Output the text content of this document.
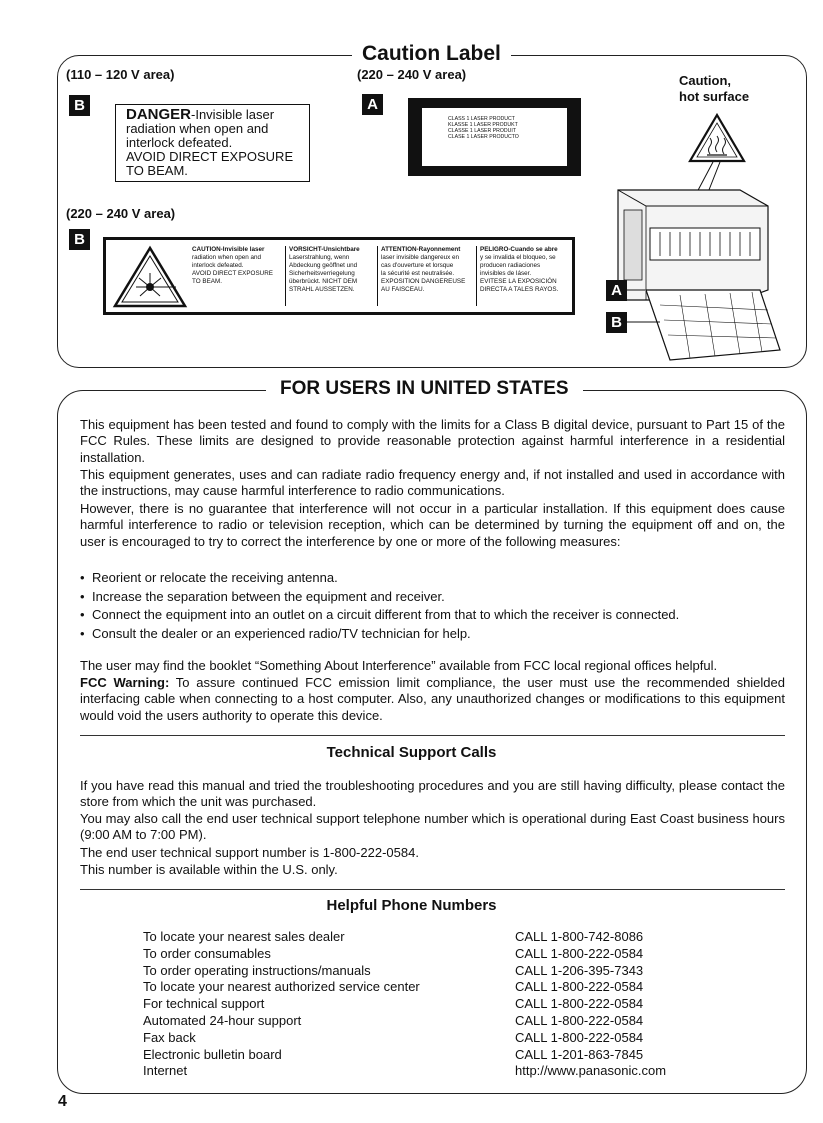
Caution Label
(110 – 120 V area)	(220 – 240 V area)
B
DANGER-Invisible laser
radiation when open and
interlock defeated.
AVOID DIRECT EXPOSURE
TO BEAM.
A
CLASS 1 LASER PRODUCT
KLASSE 1 LASER PRODUKT
CLASSE 1 LASER PRODUIT
CLASE 1 LASER PRODUCTO
(220 – 240 V area)
B
CAUTION-Invisible laser
radiation when open and
interlock defeated.
AVOID DIRECT EXPOSURE
TO BEAM.
VORSICHT-Unsichtbare
Laserstrahlung, wenn
Abdeckung geöffnet und
Sicherheitsverriegelung
überbrückt. NICHT DEM
STRAHL AUSSETZEN.
ATTENTION-Rayonnement
laser invisible dangereux en
cas d'ouverture et lorsque
la sécurité est neutralisée.
EXPOSITION DANGEREUSE
AU FAISCEAU.
PELIGRO-Cuando se abre
y se invalida el bloqueo, se
producen radiaciones
invisibles de láser.
EVITESE LA EXPOSICIÓN
DIRECTA A TALES RAYOS.
Caution,
hot surface
A
B
FOR USERS IN UNITED STATES

This equipment has been tested and found to comply with the limits for a Class B digital device, pursuant to Part 15 of the FCC Rules. These limits are designed to provide reasonable protection against harmful interference in a residential installation.

This equipment generates, uses and can radiate radio frequency energy and, if not installed and used in accordance with the instructions, may cause harmful interference to radio communications.

However, there is no guarantee that interference will not occur in a particular installation. If this equipment does cause harmful interference to radio or television reception, which can be determined by turning the equipment off and on, the user is encouraged to try to correct the interference by one or more of the following measures:

• Reorient or relocate the receiving antenna.
• Increase the separation between the equipment and receiver.
• Connect the equipment into an outlet on a circuit different from that to which the receiver is connected.
• Consult the dealer or an experienced radio/TV technician for help.

The user may find the booklet “Something About Interference” available from FCC local regional offices helpful.

FCC Warning: To assure continued FCC emission limit compliance, the user must use the recommended shielded interfacing cable when connecting to a host computer. Also, any unauthorized changes or modifications to this equipment would void the users authority to operate this device.

Technical Support Calls

If you have read this manual and tried the troubleshooting procedures and you are still having difficulty, please contact the store from which the unit was purchased.

You may also call the end user technical support telephone number which is operational during East Coast business hours (9:00 AM to 7:00 PM).

The end user technical support number is 1-800-222-0584.

This number is available within the U.S. only.

Helpful Phone Numbers
To locate your nearest sales dealer	CALL 1-800-742-8086
To order consumables	CALL 1-800-222-0584
To order operating instructions/manuals	CALL 1-206-395-7343
To locate your nearest authorized service center	CALL 1-800-222-0584
For technical support	CALL 1-800-222-0584
Automated 24-hour support	CALL 1-800-222-0584
Fax back	CALL 1-800-222-0584
Electronic bulletin board	CALL 1-201-863-7845
Internet	http://www.panasonic.com
4
